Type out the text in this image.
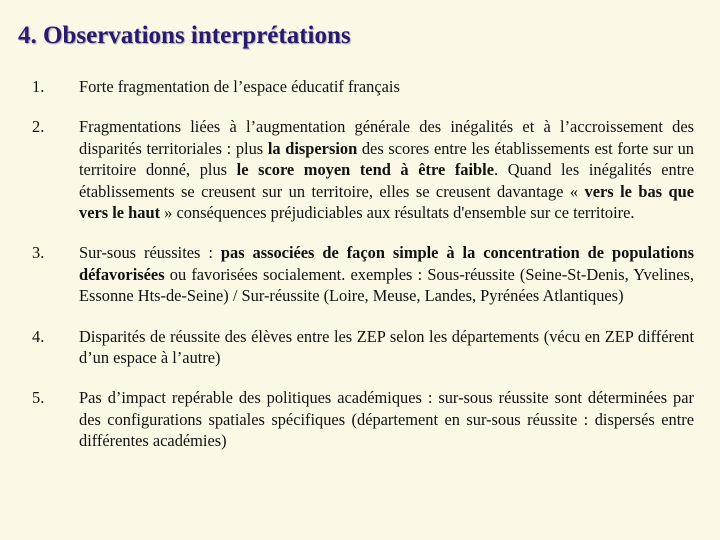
4. Observations interprétations
1.	Forte fragmentation de l’espace éducatif français
2.	Fragmentations liées à l’augmentation générale des inégalités et à l’accroissement des disparités territoriales : plus la dispersion des scores entre les établissements est forte sur un territoire donné, plus le score moyen tend à être faible. Quand les inégalités entre établissements se creusent sur un territoire, elles se creusent davantage « vers le bas que vers le haut » conséquences préjudiciables aux résultats d'ensemble sur ce territoire.
3.	Sur-sous réussites : pas associées de façon simple à la concentration de populations défavorisées ou favorisées socialement. exemples : Sous-réussite (Seine-St-Denis, Yvelines, Essonne Hts-de-Seine) / Sur-réussite (Loire, Meuse, Landes, Pyrénées Atlantiques)
4.	Disparités de réussite des élèves entre les ZEP selon les départements (vécu en ZEP différent d’un espace à l’autre)
5.	Pas d’impact repérable des politiques académiques : sur-sous réussite sont déterminées par des configurations spatiales spécifiques (département en sur-sous réussite : dispersés entre différentes académies)
